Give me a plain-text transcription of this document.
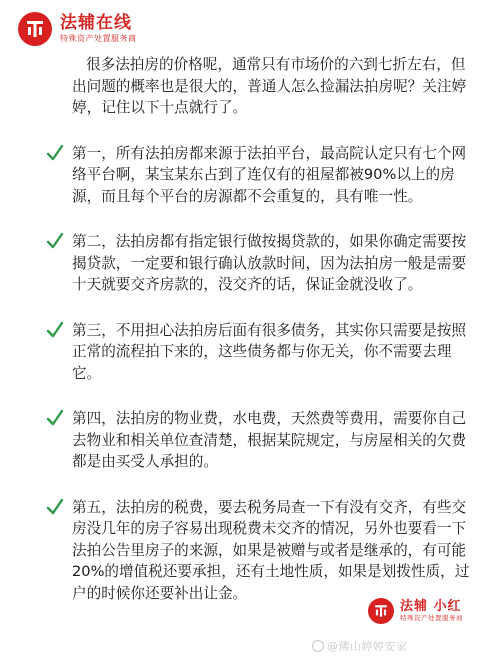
法辅在线
特殊资产处置服务商

很多法拍房的价格呢，通常只有市场价的六到七折左右，但出问题的概率也是很大的，普通人怎么捡漏法拍房呢？关注婷婷，记住以下十点就行了。

第一，所有法拍房都来源于法拍平台，最高院认定只有七个网络平台啊，某宝某东占到了连仅有的祖屋都被90%以上的房源，而且每个平台的房源都不会重复的，具有唯一性。

第二，法拍房都有指定银行做按揭贷款的，如果你确定需要按揭贷款，一定要和银行确认放款时间，因为法拍房一般是需要十天就要交齐房款的，没交齐的话，保证金就没收了。

第三，不用担心法拍房后面有很多债务，其实你只需要是按照正常的流程拍下来的，这些债务都与你无关，你不需要去理它。

第四，法拍房的物业费，水电费，天然费等费用，需要你自己去物业和相关单位查清楚，根据某院规定，与房屋相关的欠费都是由买受人承担的。

第五，法拍房的税费，要去税务局查一下有没有交齐，有些交房没几年的房子容易出现税费未交齐的情况，另外也要看一下法拍公告里房子的来源，如果是被赠与或者是继承的，有可能20%的增值税还要承担，还有土地性质，如果是划拨性质，过户的时候你还要补出让金。

法辅 小红
特殊资产处置服务商
@佛山婷婷安家
